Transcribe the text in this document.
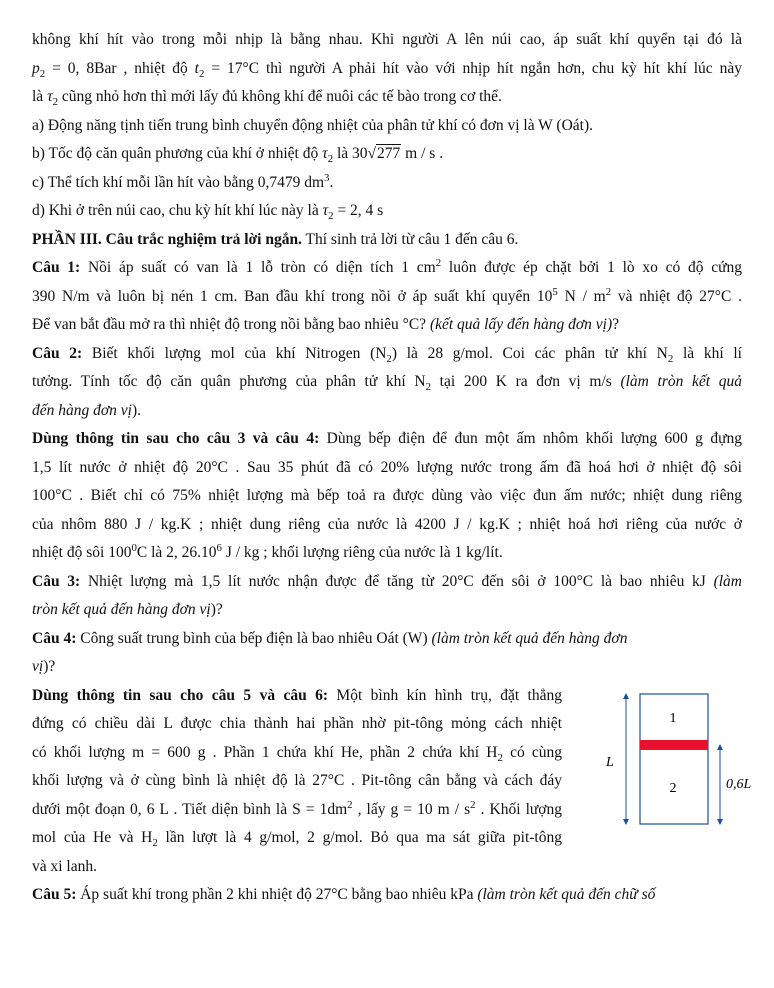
không khí hít vào trong mỗi nhịp là bằng nhau. Khi người A lên núi cao, áp suất khí quyển tại đó là

$p_2 = 0$, 8Bar , nhiệt độ $t_2 = 17^\circ C$ thì người A phải hít vào với nhịp hít ngắn hơn, chu kỳ hít khí lúc này

là $\tau_2$ cũng nhỏ hơn thì mới lấy đủ không khí để nuôi các tế bào trong cơ thể.

a) Động năng tịnh tiến trung bình chuyển động nhiệt của phân tử khí có đơn vị là W (Oát).

b) Tốc độ căn quân phương của khí ở nhiệt độ $\tau_2$ là 30√277 m / s .

c) Thể tích khí mỗi lần hít vào bằng 0,7479 $dm^3$.

d) Khi ở trên núi cao, chu kỳ hít khí lúc này là $\tau_2 = 2$, 4 s

PHẦN III. Câu trắc nghiệm trả lời ngắn. Thí sinh trả lời từ câu 1 đến câu 6.

Câu 1: Nồi áp suất có van là 1 lỗ tròn có diện tích 1 $cm^2$ luôn được ép chặt bởi 1 lò xo có độ cứng

390 N/m và luôn bị nén 1 cm. Ban đầu khí trong nồi ở áp suất khí quyển $10^5$ N / $m^2$ và nhiệt độ 27°C .

Để van bắt đầu mở ra thì nhiệt độ trong nồi bằng bao nhiêu °C? (kết quả lấy đến hàng đơn vị)?

Câu 2: Biết khối lượng mol của khí Nitrogen $(N_2)$ là 28 g/mol. Coi các phân tử khí $N_2$ là khí lí

tưởng. Tính tốc độ căn quân phương của phân tử khí $N_2$ tại 200 K ra đơn vị m/s (làm tròn kết quả

đến hàng đơn vị).

Dùng thông tin sau cho câu 3 và câu 4: Dùng bếp điện để đun một ấm nhôm khối lượng 600 g đựng

1,5 lít nước ở nhiệt độ 20°C . Sau 35 phút đã có 20% lượng nước trong ấm đã hoá hơi ở nhiệt độ sôi

100°C . Biết chỉ có 75% nhiệt lượng mà bếp toả ra được dùng vào việc đun ấm nước; nhiệt dung riêng

của nhôm 880 J / kg.K ; nhiệt dung riêng của nước là 4200 J / kg.K ; nhiệt hoá hơi riêng của nước ở

nhiệt độ sôi $100^0C$ là 2, 26.10$^6$ J / kg ; khối lượng riêng của nước là 1 kg/lít.

Câu 3: Nhiệt lượng mà 1,5 lít nước nhận được để tăng từ 20°C đến sôi ở 100°C là bao nhiêu kJ (làm

tròn kết quả đến hàng đơn vị)?

Câu 4: Công suất trung bình của bếp điện là bao nhiêu Oát (W) (làm tròn kết quả đến hàng đơn

vị)?

Dùng thông tin sau cho câu 5 và câu 6: Một bình kín hình trụ, đặt thẳng

đứng có chiều dài L được chia thành hai phần nhờ pit-tông mỏng cách nhiệt

có khối lượng m = 600 g . Phần 1 chứa khí He, phần 2 chứa khí $H_2$ có cùng

khối lượng và ở cùng bình là nhiệt độ là 27°C . Pit-tông cân bằng và cách đáy

dưới một đoạn 0, 6 L . Tiết diện bình là $S = 1dm^2$ , lấy g = 10 m / $s^2$ . Khối lượng

mol của He và $H_2$ lần lượt là 4 g/mol, 2 g/mol. Bỏ qua ma sát giữa pit-tông

và xi lanh.

1
2
L
0,6L

Câu 5: Áp suất khí trong phần 2 khi nhiệt độ 27°C bằng bao nhiêu kPa (làm tròn kết quả đến chữ số
